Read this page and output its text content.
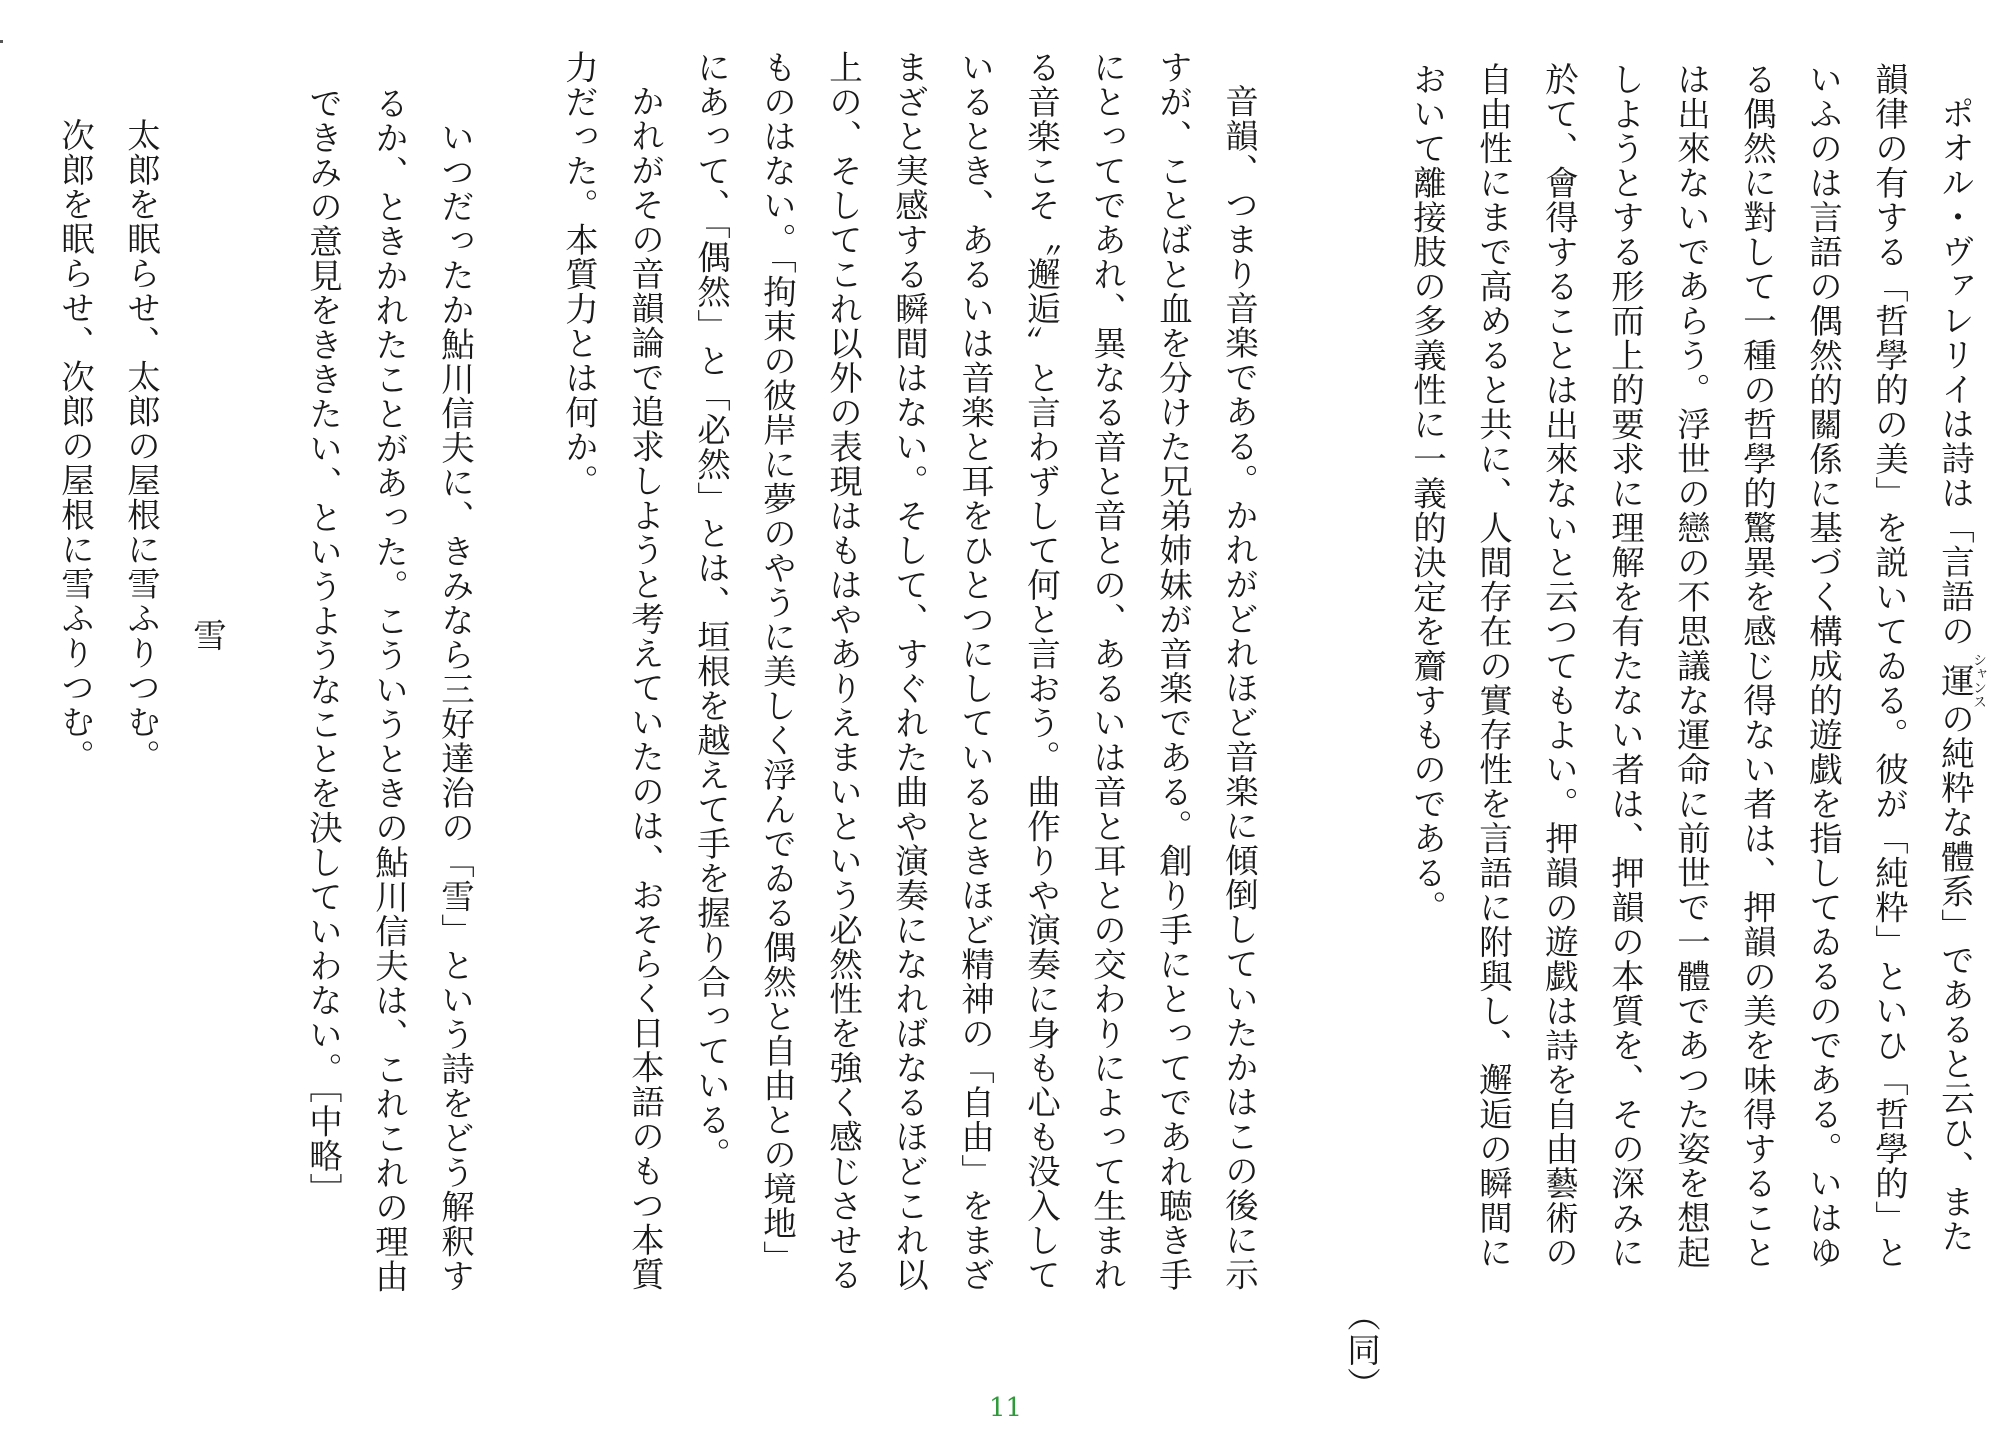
ポオル・ヴァレリイは詩は「言語の 運シャンスの純粋な體系」であると云ひ、また
韻律の有する「哲學的の美」を説いてゐる。彼が「純粋」といひ「哲學的」と
いふのは言語の偶然的關係に基づく構成的遊戯を指してゐるのである。いはゆ
る偶然に對して一種の哲學的驚異を感じ得ない者は、押韻の美を味得すること
は出來ないであらう。浮世の戀の不思議な運命に前世で一體であつた姿を想起
しようとする形而上的要求に理解を有たない者は、押韻の本質を、その深みに
於て、會得することは出來ないと云つてもよい。押韻の遊戯は詩を自由藝術の
自由性にまで高めると共に、人間存在の實存性を言語に附與し、邂逅の瞬間に
おいて離接肢の多義性に一義的決定を齎すものである。
（同）
音韻、つまり音楽である。かれがどれほど音楽に傾倒していたかはこの後に示
すが、ことばと血を分けた兄弟姉妹が音楽である。創り手にとってであれ聴き手
にとってであれ、異なる音と音との、あるいは音と耳との交わりによって生まれ
る音楽こそ〝邂逅〟と言わずして何と言おう。曲作りや演奏に身も心も没入して
いるとき、あるいは音楽と耳をひとつにしているときほど精神の「自由」をまざ
まざと実感する瞬間はない。そして、すぐれた曲や演奏になればなるほどこれ以
上の、そしてこれ以外の表現はもはやありえまいという必然性を強く感じさせる
ものはない。「拘束の彼岸に夢のやうに美しく浮んでゐる偶然と自由との境地」
にあって、「偶然」と「必然」とは、垣根を越えて手を握り合っている。
かれがその音韻論で追求しようと考えていたのは、おそらく日本語のもつ本質
力だった。本質力とは何か。
いつだったか鮎川信夫に、きみなら三好達治の「雪」という詩をどう解釈す
るか、ときかれたことがあった。こういうときの鮎川信夫は、これこれの理由
できみの意見をききたい、というようなことを決していわない。［中略］
雪
太郎を眠らせ、太郎の屋根に雪ふりつむ。
次郎を眠らせ、次郎の屋根に雪ふりつむ。
11
